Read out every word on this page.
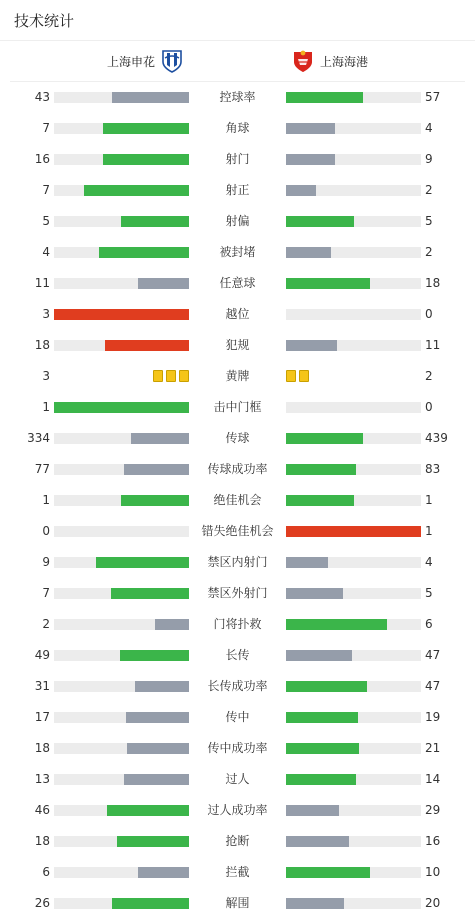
技术统计
上海申花	上海海港
43	控球率	57
7	角球	4
16	射门	9
7	射正	2
5	射偏	5
4	被封堵	2
11	任意球	18
3	越位	0
18	犯规	11
3	黄牌	2
1	击中门框	0
334	传球	439
77	传球成功率	83
1	绝佳机会	1
0	错失绝佳机会	1
9	禁区内射门	4
7	禁区外射门	5
2	门将扑救	6
49	长传	47
31	长传成功率	47
17	传中	19
18	传中成功率	21
13	过人	14
46	过人成功率	29
18	抢断	16
6	拦截	10
26	解围	20
